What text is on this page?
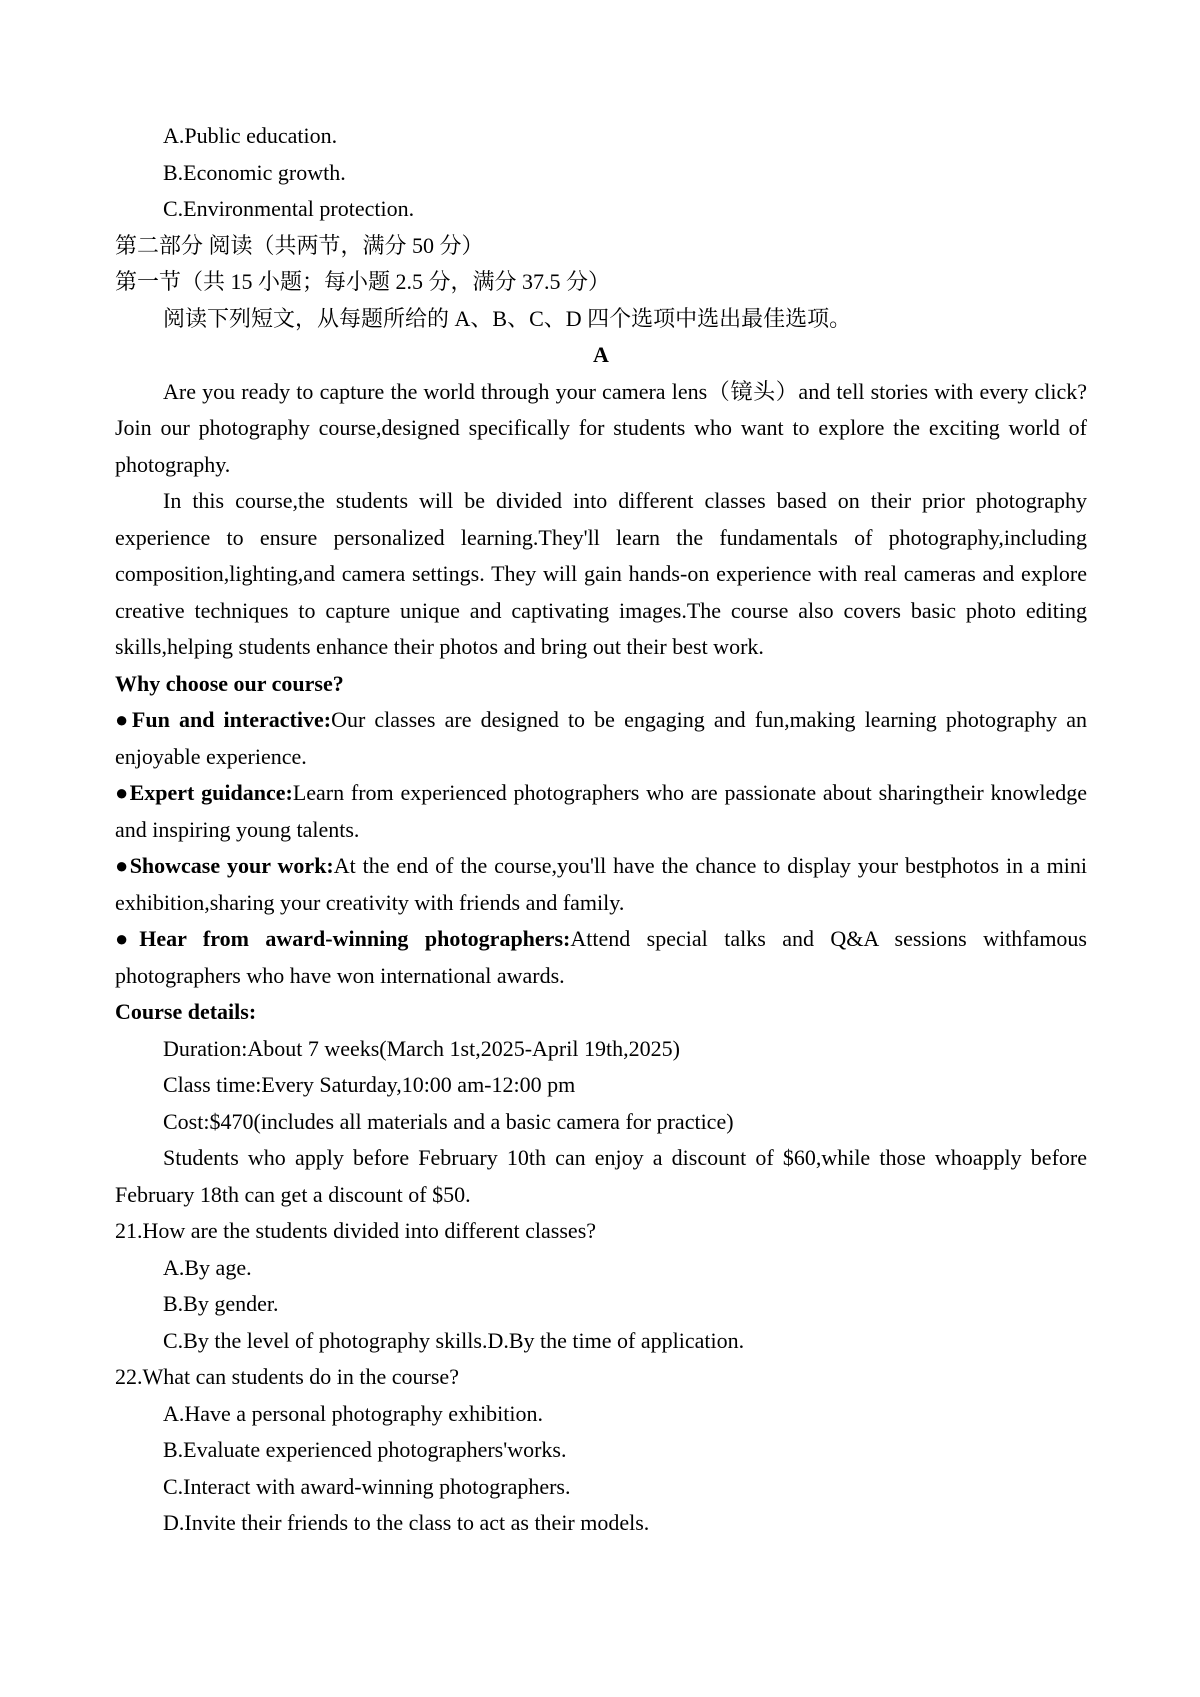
A.Public education.

B.Economic growth.

C.Environmental protection.

第二部分 阅读（共两节，满分 50 分）

第一节（共 15 小题；每小题 2.5 分，满分 37.5 分）

阅读下列短文，从每题所给的 A、B、C、D 四个选项中选出最佳选项。

A

Are you ready to capture the world through your camera lens（镜头）and tell stories with every click?Join our photography course,designed specifically for students who want to explore the exciting world of photography.

In this course,the students will be divided into different classes based on their prior photography experience to ensure personalized learning.They'll learn the fundamentals of photography,including composition,lighting,and camera settings. They will gain hands-on experience with real cameras and explore creative techniques to capture unique and captivating images.The course also covers basic photo editing skills,helping students enhance their photos and bring out their best work.

Why choose our course?

●Fun and interactive:Our classes are designed to be engaging and fun,making learning photography an enjoyable experience.

●Expert guidance:Learn from experienced photographers who are passionate about sharingtheir knowledge and inspiring young talents.

●Showcase your work:At the end of the course,you'll have the chance to display your bestphotos in a mini exhibition,sharing your creativity with friends and family.

●Hear from award-winning photographers:Attend special talks and Q&A sessions withfamous photographers who have won international awards.

Course details:

Duration:About 7 weeks(March 1st,2025-April 19th,2025)

Class time:Every Saturday,10:00 am-12:00 pm

Cost:$470(includes all materials and a basic camera for practice)

Students who apply before February 10th can enjoy a discount of $60,while those whoapply before February 18th can get a discount of $50.

21.How are the students divided into different classes?

A.By age.

B.By gender.

C.By the level of photography skills.D.By the time of application.

22.What can students do in the course?

A.Have a personal photography exhibition.

B.Evaluate experienced photographers'works.

C.Interact with award-winning photographers.

D.Invite their friends to the class to act as their models.
